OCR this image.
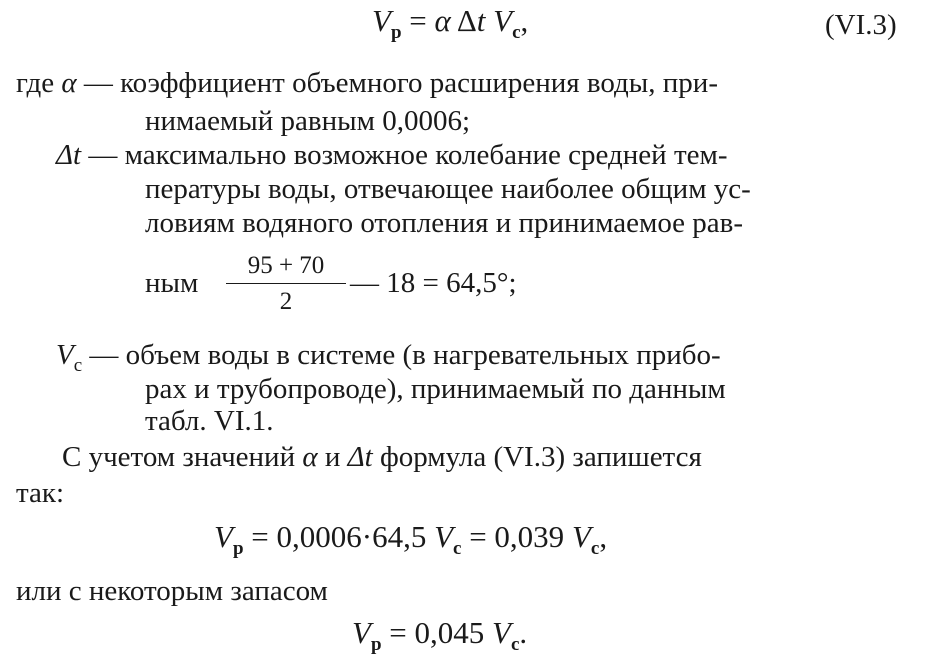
$V_р = \alpha$ Δt $V_с$,	(VI.3)
где α — коэффициент объемного расширения воды, при-
нимаемый равным 0,0006;
Δt — максимально возможное колебание средней тем-
пературы воды, отвечающее наиболее общим ус-
ловиям водяного отопления и принимаемое рав-
ным
95 + 70
2
— 18 = 64,5°;
$V_с$ — объем воды в системе (в нагревательных прибо-
рах и трубопроводе), принимаемый по данным
табл. VI.1.
С учетом значений α и Δt формула (VI.3) запишется
так:
$V_р = 0,0006\cdot 64,5$ $V_с = 0,039$ $V_с$,
или с некоторым запасом
$V_р = 0,045$ $V_с$.
